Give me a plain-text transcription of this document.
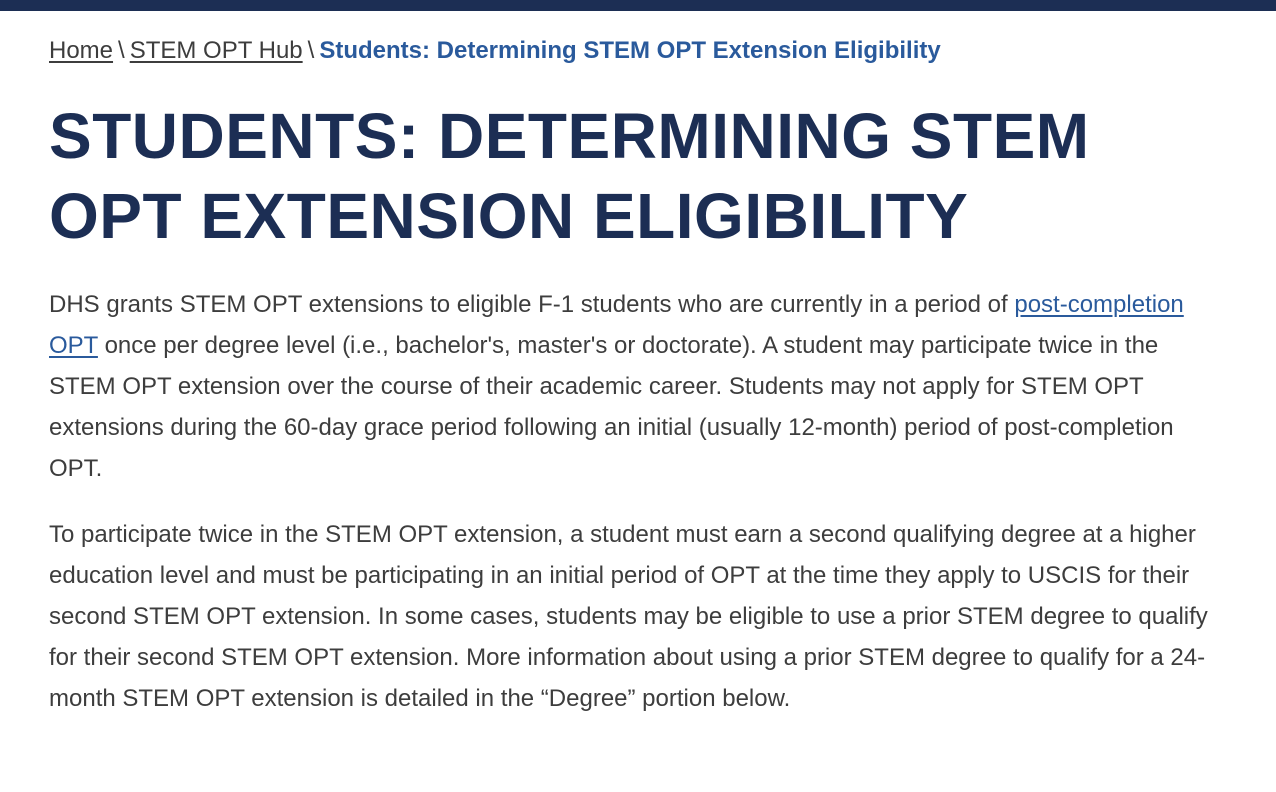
Home \ STEM OPT Hub \ Students: Determining STEM OPT Extension Eligibility
STUDENTS: DETERMINING STEM OPT EXTENSION ELIGIBILITY

DHS grants STEM OPT extensions to eligible F-1 students who are currently in a period of post-completion OPT once per degree level (i.e., bachelor's, master's or doctorate). A student may participate twice in the STEM OPT extension over the course of their academic career. Students may not apply for STEM OPT extensions during the 60-day grace period following an initial (usually 12-month) period of post-completion OPT.

To participate twice in the STEM OPT extension, a student must earn a second qualifying degree at a higher education level and must be participating in an initial period of OPT at the time they apply to USCIS for their second STEM OPT extension. In some cases, students may be eligible to use a prior STEM degree to qualify for their second STEM OPT extension. More information about using a prior STEM degree to qualify for a 24-month STEM OPT extension is detailed in the “Degree” portion below.
